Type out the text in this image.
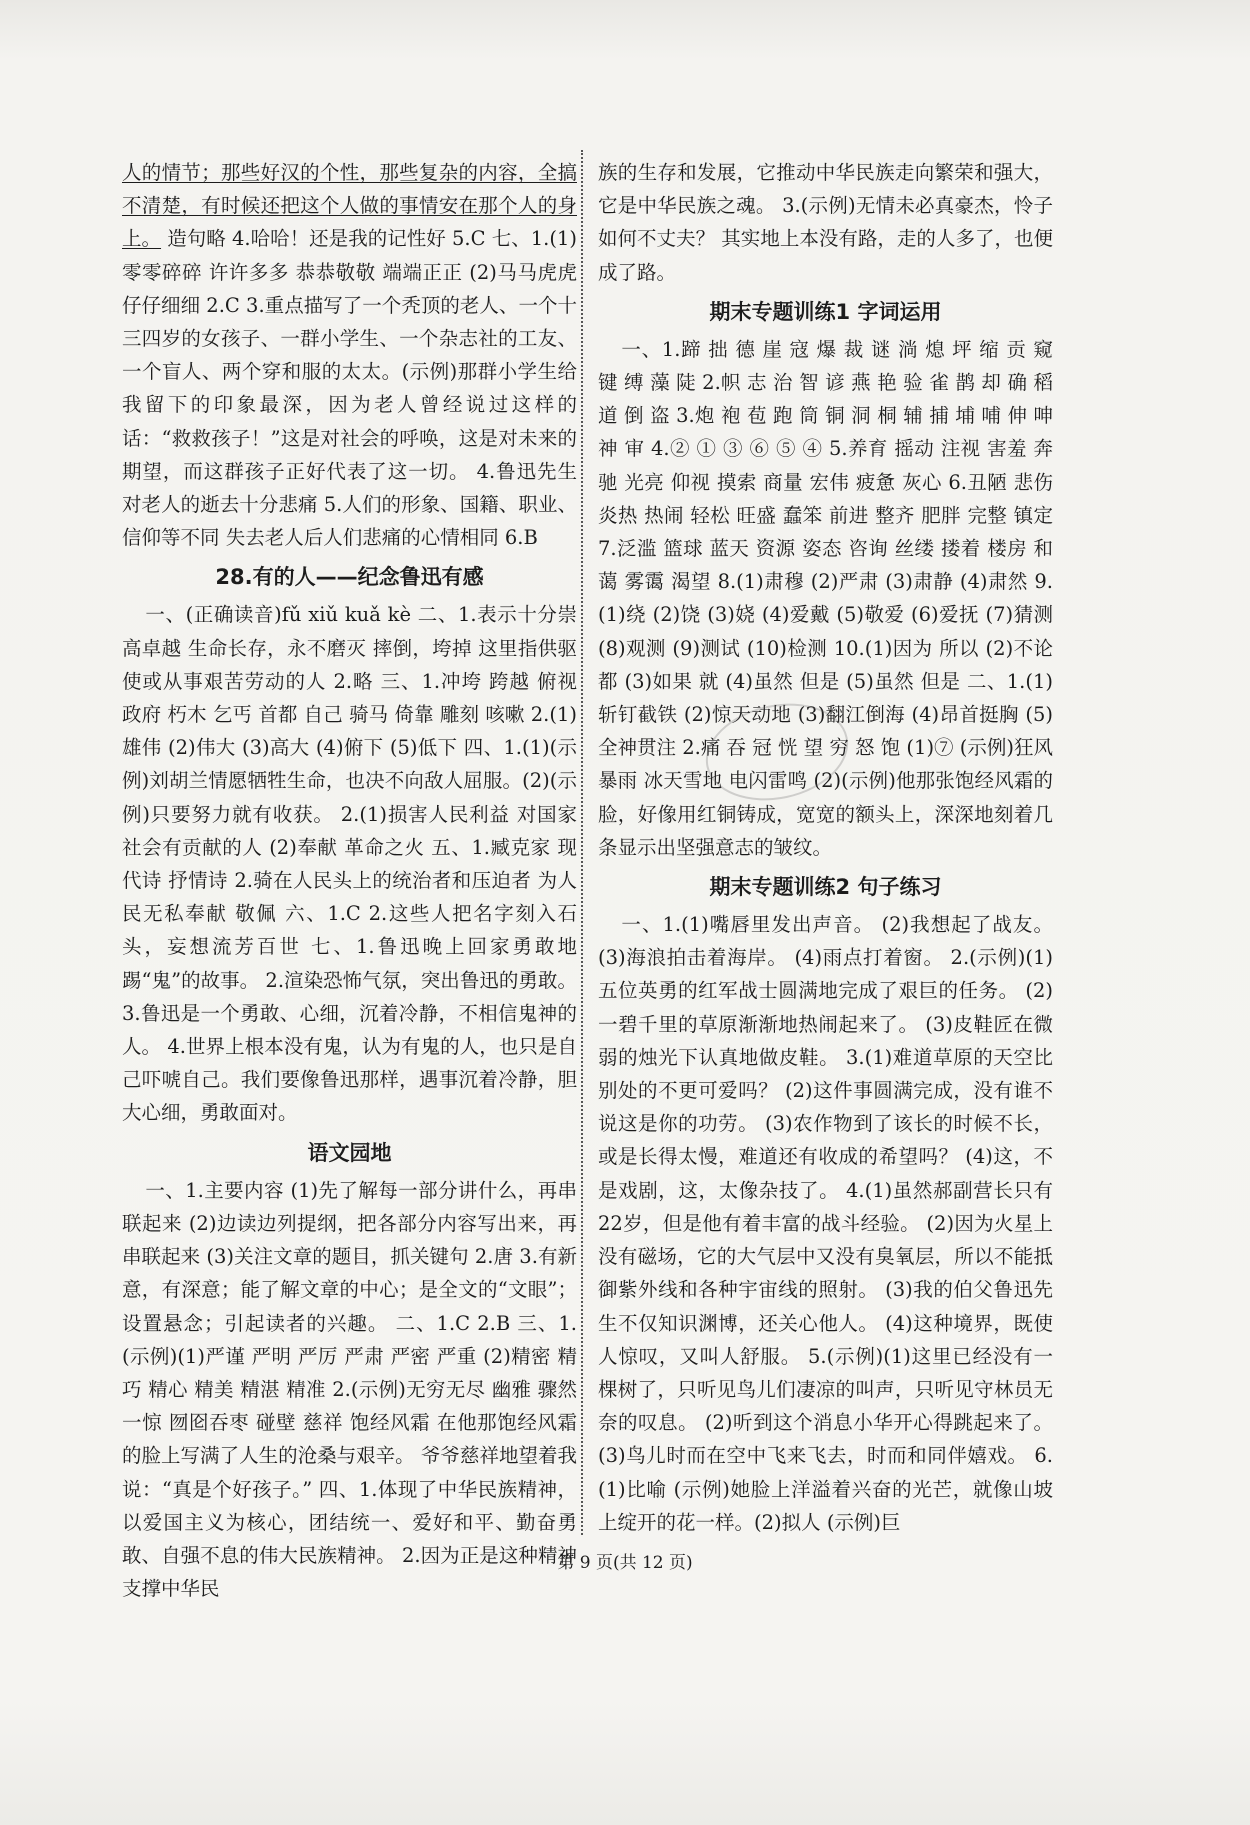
人的情节；那些好汉的个性，那些复杂的内容，全搞不清楚，有时候还把这个人做的事情安在那个人的身上。 造句略 4.哈哈！还是我的记性好 5.C 七、1.(1)零零碎碎 许许多多 恭恭敬敬 端端正正 (2)马马虎虎 仔仔细细 2.C 3.重点描写了一个秃顶的老人、一个十三四岁的女孩子、一群小学生、一个杂志社的工友、一个盲人、两个穿和服的太太。(示例)那群小学生给我留下的印象最深，因为老人曾经说过这样的话：“救救孩子！”这是对社会的呼唤，这是对未来的期望，而这群孩子正好代表了这一切。 4.鲁迅先生 对老人的逝去十分悲痛 5.人们的形象、国籍、职业、信仰等不同 失去老人后人们悲痛的心情相同 6.B

28.有的人——纪念鲁迅有感

一、(正确读音)fǔ xiǔ kuǎ kè 二、1.表示十分崇高卓越 生命长存，永不磨灭 摔倒，垮掉 这里指供驱使或从事艰苦劳动的人 2.略 三、1.冲垮 跨越 俯视 政府 朽木 乞丐 首都 自己 骑马 倚靠 雕刻 咳嗽 2.(1)雄伟 (2)伟大 (3)高大 (4)俯下 (5)低下 四、1.(1)(示例)刘胡兰情愿牺牲生命，也决不向敌人屈服。(2)(示例)只要努力就有收获。 2.(1)损害人民利益 对国家社会有贡献的人 (2)奉献 革命之火 五、1.臧克家 现代诗 抒情诗 2.骑在人民头上的统治者和压迫者 为人民无私奉献 敬佩 六、1.C 2.这些人把名字刻入石头，妄想流芳百世 七、1.鲁迅晚上回家勇敢地踢“鬼”的故事。 2.渲染恐怖气氛，突出鲁迅的勇敢。 3.鲁迅是一个勇敢、心细，沉着冷静，不相信鬼神的人。 4.世界上根本没有鬼，认为有鬼的人，也只是自己吓唬自己。我们要像鲁迅那样，遇事沉着冷静，胆大心细，勇敢面对。

语文园地

一、1.主要内容 (1)先了解每一部分讲什么，再串联起来 (2)边读边列提纲，把各部分内容写出来，再串联起来 (3)关注文章的题目，抓关键句 2.唐 3.有新意，有深意；能了解文章的中心；是全文的“文眼”；设置悬念；引起读者的兴趣。 二、1.C 2.B 三、1.(示例)(1)严谨 严明 严厉 严肃 严密 严重 (2)精密 精巧 精心 精美 精湛 精准 2.(示例)无穷无尽 幽雅 骤然一惊 囫囵吞枣 碰壁 慈祥 饱经风霜 在他那饱经风霜的脸上写满了人生的沧桑与艰辛。 爷爷慈祥地望着我说：“真是个好孩子。” 四、1.体现了中华民族精神，以爱国主义为核心，团结统一、爱好和平、勤奋勇敢、自强不息的伟大民族精神。 2.因为正是这种精神支撑中华民

族的生存和发展，它推动中华民族走向繁荣和强大，它是中华民族之魂。 3.(示例)无情未必真豪杰，怜子如何不丈夫？ 其实地上本没有路，走的人多了，也便成了路。

期末专题训练1 字词运用

一、1.蹄 拙 德 崖 寇 爆 裁 谜 淌 熄 坪 缩 贡 窥 键 缚 藻 陡 2.帜 志 治 智 谚 燕 艳 验 雀 鹊 却 确 稻 道 倒 盗 3.炮 袍 苞 跑 筒 铜 洞 桐 辅 捕 埔 哺 伸 呻 神 审 4.② ① ③ ⑥ ⑤ ④ 5.养育 摇动 注视 害羞 奔驰 光亮 仰视 摸索 商量 宏伟 疲惫 灰心 6.丑陋 悲伤 炎热 热闹 轻松 旺盛 蠢笨 前进 整齐 肥胖 完整 镇定 7.泛滥 篮球 蓝天 资源 姿态 咨询 丝缕 搂着 楼房 和蔼 雾霭 渴望 8.(1)肃穆 (2)严肃 (3)肃静 (4)肃然 9.(1)绕 (2)饶 (3)娆 (4)爱戴 (5)敬爱 (6)爱抚 (7)猜测 (8)观测 (9)测试 (10)检测 10.(1)因为 所以 (2)不论 都 (3)如果 就 (4)虽然 但是 (5)虽然 但是 二、1.(1)斩钉截铁 (2)惊天动地 (3)翻江倒海 (4)昂首挺胸 (5)全神贯注 2.痛 吞 冠 恍 望 穷 怒 饱 (1)⑦ (示例)狂风暴雨 冰天雪地 电闪雷鸣 (2)(示例)他那张饱经风霜的脸，好像用红铜铸成，宽宽的额头上，深深地刻着几条显示出坚强意志的皱纹。

期末专题训练2 句子练习

一、1.(1)嘴唇里发出声音。 (2)我想起了战友。 (3)海浪拍击着海岸。 (4)雨点打着窗。 2.(示例)(1)五位英勇的红军战士圆满地完成了艰巨的任务。 (2)一碧千里的草原渐渐地热闹起来了。 (3)皮鞋匠在微弱的烛光下认真地做皮鞋。 3.(1)难道草原的天空比别处的不更可爱吗？ (2)这件事圆满完成，没有谁不说这是你的功劳。 (3)农作物到了该长的时候不长，或是长得太慢，难道还有收成的希望吗？ (4)这，不是戏剧，这，太像杂技了。 4.(1)虽然郝副营长只有22岁，但是他有着丰富的战斗经验。 (2)因为火星上没有磁场，它的大气层中又没有臭氧层，所以不能抵御紫外线和各种宇宙线的照射。 (3)我的伯父鲁迅先生不仅知识渊博，还关心他人。 (4)这种境界，既使人惊叹，又叫人舒服。 5.(示例)(1)这里已经没有一棵树了，只听见鸟儿们凄凉的叫声，只听见守林员无奈的叹息。 (2)听到这个消息小华开心得跳起来了。 (3)鸟儿时而在空中飞来飞去，时而和同伴嬉戏。 6.(1)比喻 (示例)她脸上洋溢着兴奋的光芒，就像山坡上绽开的花一样。(2)拟人 (示例)巨

第 9 页(共 12 页)
